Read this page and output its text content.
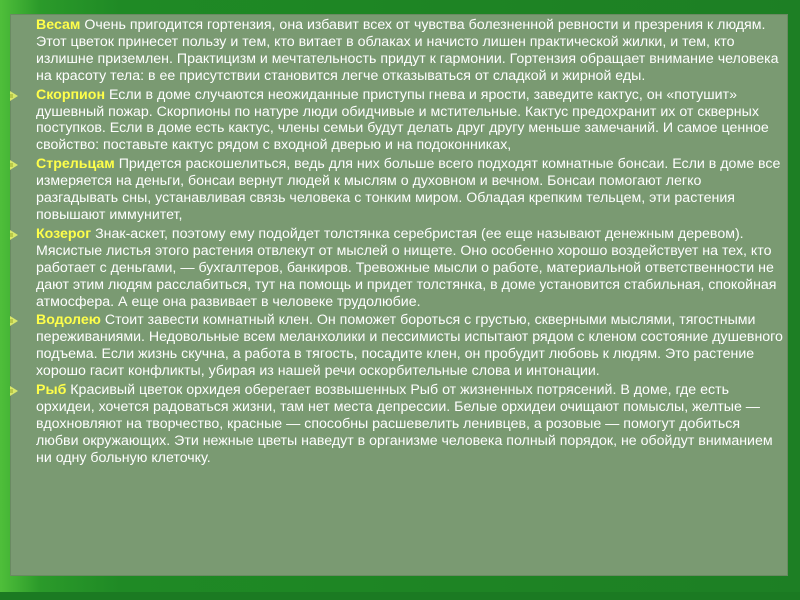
Весам Очень пригодится гортензия, она избавит всех от чувства болезненной ревности и презрения к людям. Этот цветок принесет пользу и тем, кто витает в облаках и начисто лишен практической жилки, и тем, кто излишне приземлен. Практицизм и мечтательность придут к гармонии. Гортензия обращает внимание человека на красоту тела: в ее присутствии становится легче отказываться от сладкой и жирной еды.

Скорпион Если в доме случаются неожиданные приступы гнева и ярости, заведите кактус, он «потушит» душевный пожар. Скорпионы по натуре люди обидчивые и мстительные. Кактус предохранит их от скверных поступков. Если в доме есть кактус, члены семьи будут делать друг другу меньше замечаний. И самое ценное свойство: поставьте кактус рядом с входной дверью и на подоконниках,

Стрельцам Придется раскошелиться, ведь для них больше всего подходят комнатные бонсаи. Если в доме все измеряется на деньги, бонсаи вернут людей к мыслям о духовном и вечном. Бонсаи помогают легко разгадывать сны, устанавливая связь человека с тонким миром. Обладая крепким тельцем, эти растения повышают иммунитет,

Козерог Знак-аскет, поэтому ему подойдет толстянка серебристая (ее еще называют денежным деревом). Мясистые листья этого растения отвлекут от мыслей о нищете. Оно особенно хорошо воздействует на тех, кто работает с деньгами, — бухгалтеров, банкиров. Тревожные мысли о работе, материальной ответственности не дают этим людям расслабиться, тут на помощь и придет толстянка, в доме установится стабильная, спокойная атмосфера. А еще она развивает в человеке трудолюбие.

Водолею Стоит завести комнатный клен. Он поможет бороться с грустью, скверными мыслями, тягостными переживаниями. Недовольные всем меланхолики и пессимисты испытают рядом с кленом состояние душевного подъема. Если жизнь скучна, а работа в тягость, посадите клен, он пробудит любовь к людям. Это растение хорошо гасит конфликты, убирая из нашей речи оскорбительные слова и интонации.

Рыб Красивый цветок орхидея оберегает возвышенных Рыб от жизненных потрясений. В доме, где есть орхидеи, хочется радоваться жизни, там нет места депрессии. Белые орхидеи очищают помыслы, желтые — вдохновляют на творчество, красные — способны расшевелить ленивцев, а розовые — помогут добиться любви окружающих. Эти нежные цветы наведут в организме человека полный порядок, не обойдут вниманием ни одну больную клеточку.
